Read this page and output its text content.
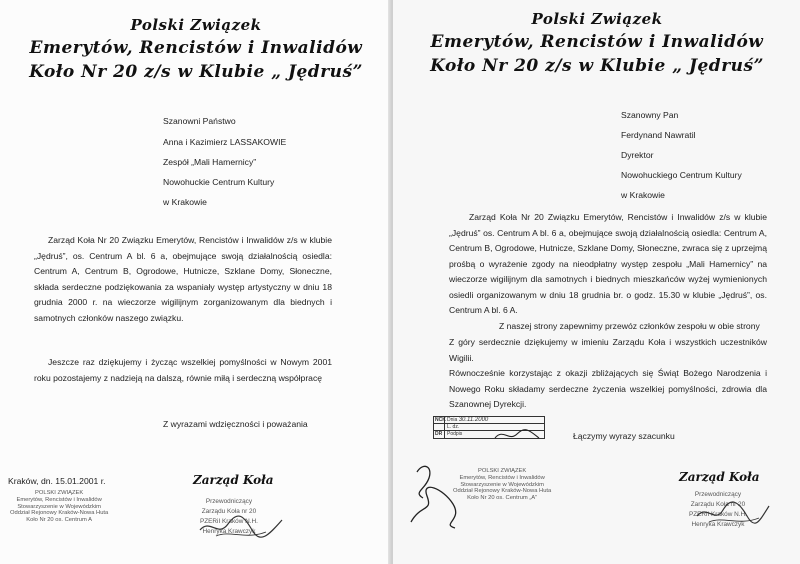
Polski Związek
Emerytów, Rencistów i Inwalidów
Koło Nr 20 z/s w Klubie „ Jędruś”
Szanowni Państwo
Anna i Kazimierz LASSAKOWIE
Zespół „Mali Hamernicy”
Nowohuckie Centrum Kultury
w Krakowie
Zarząd Koła Nr 20 Związku Emerytów, Rencistów i Inwalidów z/s w klubie „Jędruś”, os. Centrum A bl. 6 a, obejmujące swoją działalnością osiedla: Centrum A, Centrum B, Ogrodowe, Hutnicze, Szklane Domy, Słoneczne, składa serdeczne podziękowania za wspaniały występ artystyczny w dniu 18 grudnia 2000 r. na wieczorze wigilijnym zorganizowanym dla biednych i samotnych członków naszego związku.
Jeszcze raz dziękujemy i życząc wszelkiej pomyślności w Nowym 2001 roku pozostajemy z nadzieją na dalszą, równie miłą i serdeczną współpracę
Z wyrazami wdzięczności i poważania
Kraków, dn. 15.01.2001 r.	Zarząd Koła
POLSKI ZWIĄZEK
Emerytów, Rencistów i Inwalidów
Stowarzyszenie w Wojewódzkim
Oddział Rejonowy Kraków-Nowa Huta
Koło Nr 20 os. Centrum A
Przewodniczący
Zarządu Koła nr 20
PZERiI Kraków N.H.
Henryka Krawczyk
Polski Związek
Emerytów, Rencistów i Inwalidów
Koło Nr 20 z/s w Klubie „ Jędruś”
Szanowny Pan
Ferdynand Nawratil
Dyrektor
Nowohuckiego Centrum Kultury
w Krakowie
Zarząd Koła Nr 20 Związku Emerytów, Rencistów i Inwalidów z/s w klubie „Jędruś” os. Centrum A bl. 6 a, obejmujące swoją działalnością osiedla: Centrum A, Centrum B, Ogrodowe, Hutnicze, Szklane Domy, Słoneczne, zwraca się z uprzejmą prośbą o wyrażenie zgody na nieodpłatny występ zespołu „Mali Hamernicy” na wieczorze wigilijnym dla samotnych i biednych mieszkańców wyżej wymienionych osiedli organizowanym w dniu 18 grudnia br. o godz. 15.30 w klubie „Jędruś”, os. Centrum A bl. 6 A.
Z naszej strony zapewnimy przewóz członków zespołu w obie strony
Z góry serdecznie dziękujemy w imieniu Zarządu Koła i wszystkich uczestników Wigilii.
Równocześnie korzystając z okazji zbliżających się Świąt Bożego Narodzenia i Nowego Roku składamy serdeczne życzenia wszelkiej pomyślności, zdrowia dla Szanownej Dyrekcji.
NCK Dnia 30.11.2000
L. dz.
DR Podpis	Łączymy wyrazy szacunku
Zarząd Koła
POLSKI ZWIĄZEK
Emerytów, Rencistów i Inwalidów
Stowarzyszenie w Wojewódzkim
Oddział Rejonowy Kraków-Nowa Huta
Koło Nr 20 os. Centrum „A”
Przewodniczący
Zarządu Koła nr 20
PZERiI Kraków N.H.
Henryka Krawczyk
